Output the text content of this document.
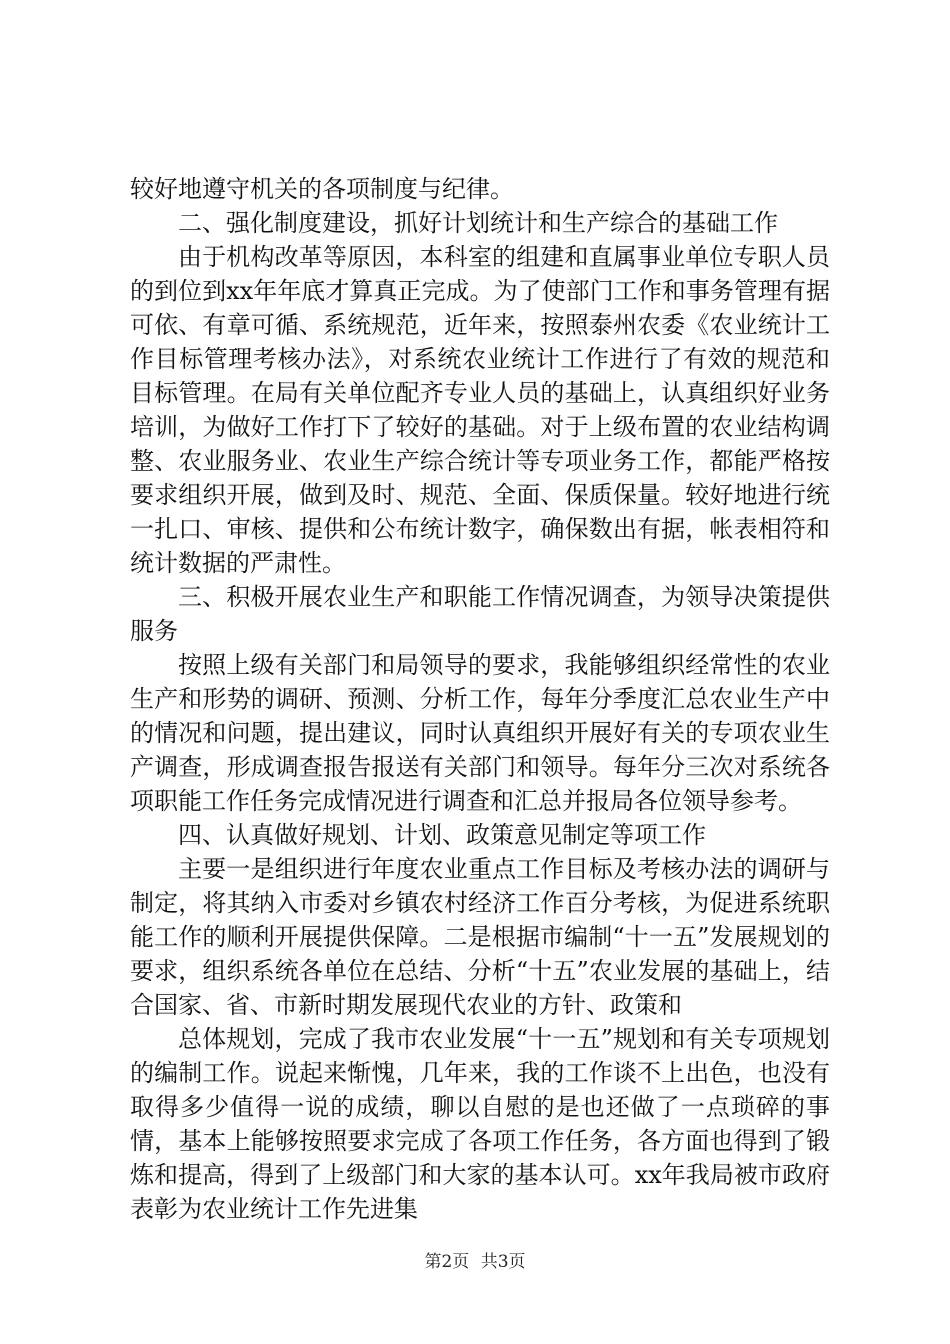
较好地遵守机关的各项制度与纪律。

二、强化制度建设，抓好计划统计和生产综合的基础工作

由于机构改革等原因，本科室的组建和直属事业单位专职人员的到位到xx年年底才算真正完成。为了使部门工作和事务管理有据可依、有章可循、系统规范，近年来，按照泰州农委《农业统计工作目标管理考核办法》，对系统农业统计工作进行了有效的规范和目标管理。在局有关单位配齐专业人员的基础上，认真组织好业务培训，为做好工作打下了较好的基础。对于上级布置的农业结构调整、农业服务业、农业生产综合统计等专项业务工作，都能严格按要求组织开展，做到及时、规范、全面、保质保量。较好地进行统一扎口、审核、提供和公布统计数字，确保数出有据，帐表相符和统计数据的严肃性。

三、积极开展农业生产和职能工作情况调查，为领导决策提供服务

按照上级有关部门和局领导的要求，我能够组织经常性的农业生产和形势的调研、预测、分析工作，每年分季度汇总农业生产中的情况和问题，提出建议，同时认真组织开展好有关的专项农业生产调查，形成调查报告报送有关部门和领导。每年分三次对系统各项职能工作任务完成情况进行调查和汇总并报局各位领导参考。

四、认真做好规划、计划、政策意见制定等项工作

主要一是组织进行年度农业重点工作目标及考核办法的调研与制定，将其纳入市委对乡镇农村经济工作百分考核，为促进系统职能工作的顺利开展提供保障。二是根据市编制“十一五”发展规划的要求，组织系统各单位在总结、分析“十五”农业发展的基础上，结合国家、省、市新时期发展现代农业的方针、政策和

总体规划，完成了我市农业发展“十一五”规划和有关专项规划的编制工作。说起来惭愧，几年来，我的工作谈不上出色，也没有取得多少值得一说的成绩，聊以自慰的是也还做了一点琐碎的事情，基本上能够按照要求完成了各项工作任务，各方面也得到了锻炼和提高，得到了上级部门和大家的基本认可。xx年我局被市政府表彰为农业统计工作先进集

第2页 共3页
